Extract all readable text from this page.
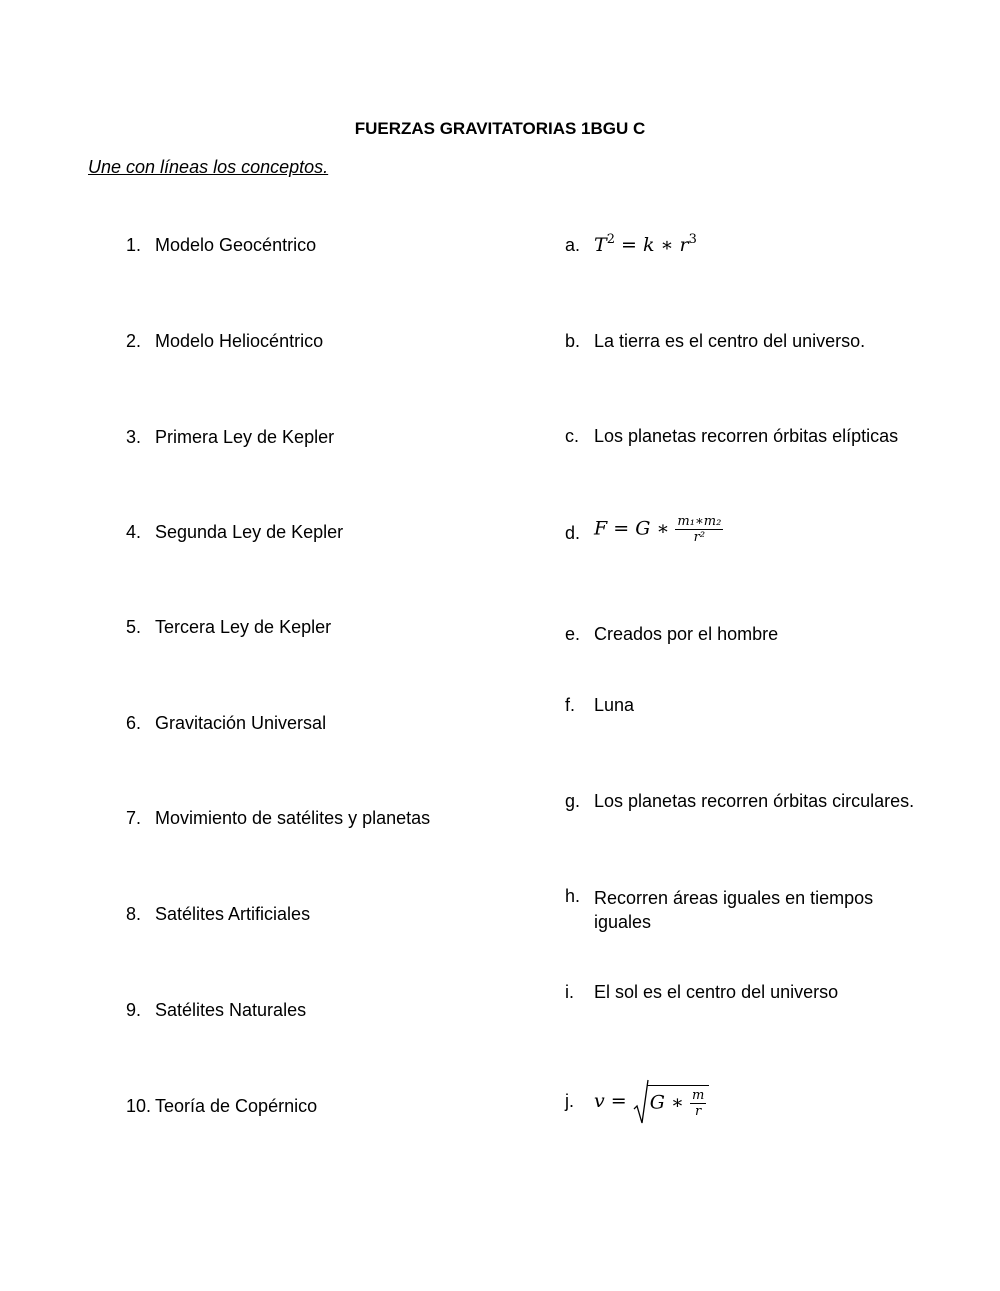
FUERZAS GRAVITATORIAS 1BGU C
Une con líneas los conceptos.
1. Modelo Geocéntrico
2. Modelo Heliocéntrico
3. Primera Ley de Kepler
4. Segunda Ley de Kepler
5. Tercera Ley de Kepler
6. Gravitación Universal
7. Movimiento de satélites y planetas
8. Satélites Artificiales
9. Satélites Naturales
10. Teoría de Copérnico
a. $T^2 = k$ ∗ $r^3$
b. La tierra es el centro del universo.
c. Los planetas recorren órbitas elípticas
d. F = G ∗ $\frac{\text{m₁∗m₂}}{\text{r²}}$
e. Creados por el hombre
f. Luna
g. Los planetas recorren órbitas circulares.
h. Recorren áreas iguales en tiempos iguales
i. El sol es el centro del universo
j. v = G ∗ $\frac{m}{r}$
